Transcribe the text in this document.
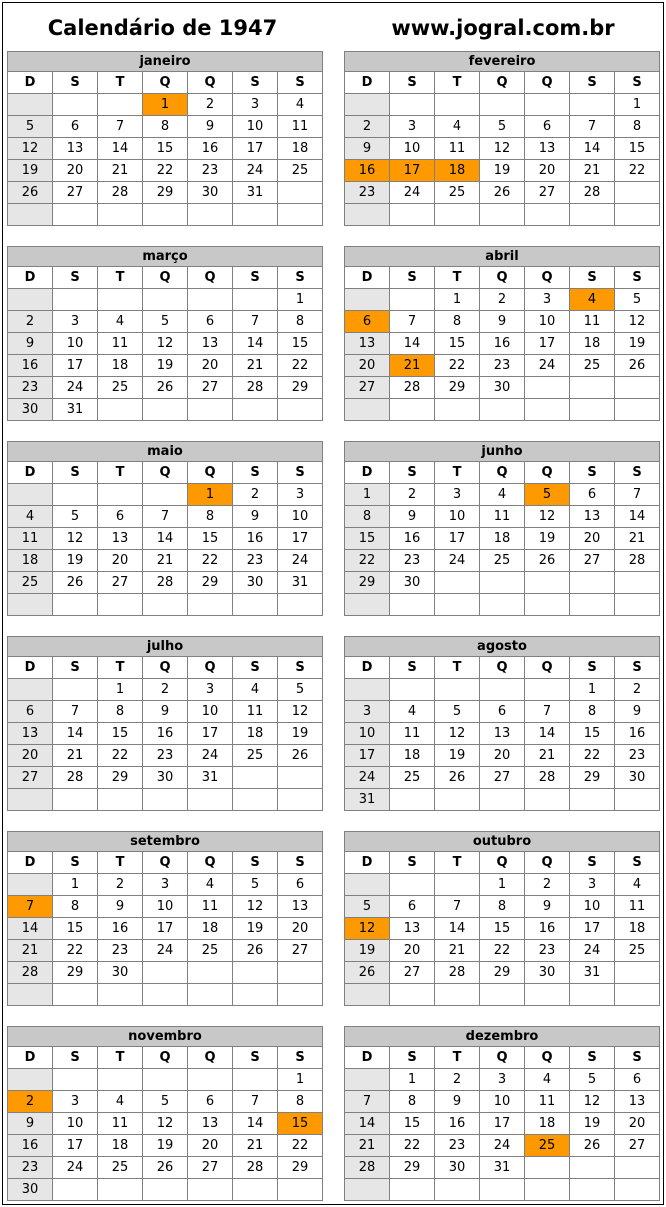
Calendário de 1947	www.jogral.com.br
janeiro						
D	S	T	Q	Q	S	S
			1	2	3	4
5	6	7	8	9	10	11
12	13	14	15	16	17	18
19	20	21	22	23	24	25
26	27	28	29	30	31	

fevereiro						
D	S	T	Q	Q	S	S
						1
2	3	4	5	6	7	8
9	10	11	12	13	14	15
16	17	18	19	20	21	22
23	24	25	26	27	28	

março						
D	S	T	Q	Q	S	S
						1
2	3	4	5	6	7	8
9	10	11	12	13	14	15
16	17	18	19	20	21	22
23	24	25	26	27	28	29
30	31					
abril						
D	S	T	Q	Q	S	S
		1	2	3	4	5
6	7	8	9	10	11	12
13	14	15	16	17	18	19
20	21	22	23	24	25	26
27	28	29	30			

maio						
D	S	T	Q	Q	S	S
				1	2	3
4	5	6	7	8	9	10
11	12	13	14	15	16	17
18	19	20	21	22	23	24
25	26	27	28	29	30	31

junho						
D	S	T	Q	Q	S	S
1	2	3	4	5	6	7
8	9	10	11	12	13	14
15	16	17	18	19	20	21
22	23	24	25	26	27	28
29	30					

julho						
D	S	T	Q	Q	S	S
		1	2	3	4	5
6	7	8	9	10	11	12
13	14	15	16	17	18	19
20	21	22	23	24	25	26
27	28	29	30	31		

agosto						
D	S	T	Q	Q	S	S
					1	2
3	4	5	6	7	8	9
10	11	12	13	14	15	16
17	18	19	20	21	22	23
24	25	26	27	28	29	30
31						
setembro						
D	S	T	Q	Q	S	S
	1	2	3	4	5	6
7	8	9	10	11	12	13
14	15	16	17	18	19	20
21	22	23	24	25	26	27
28	29	30				

outubro						
D	S	T	Q	Q	S	S
			1	2	3	4
5	6	7	8	9	10	11
12	13	14	15	16	17	18
19	20	21	22	23	24	25
26	27	28	29	30	31	

novembro						
D	S	T	Q	Q	S	S
						1
2	3	4	5	6	7	8
9	10	11	12	13	14	15
16	17	18	19	20	21	22
23	24	25	26	27	28	29
30						
dezembro						
D	S	T	Q	Q	S	S
	1	2	3	4	5	6
7	8	9	10	11	12	13
14	15	16	17	18	19	20
21	22	23	24	25	26	27
28	29	30	31			
